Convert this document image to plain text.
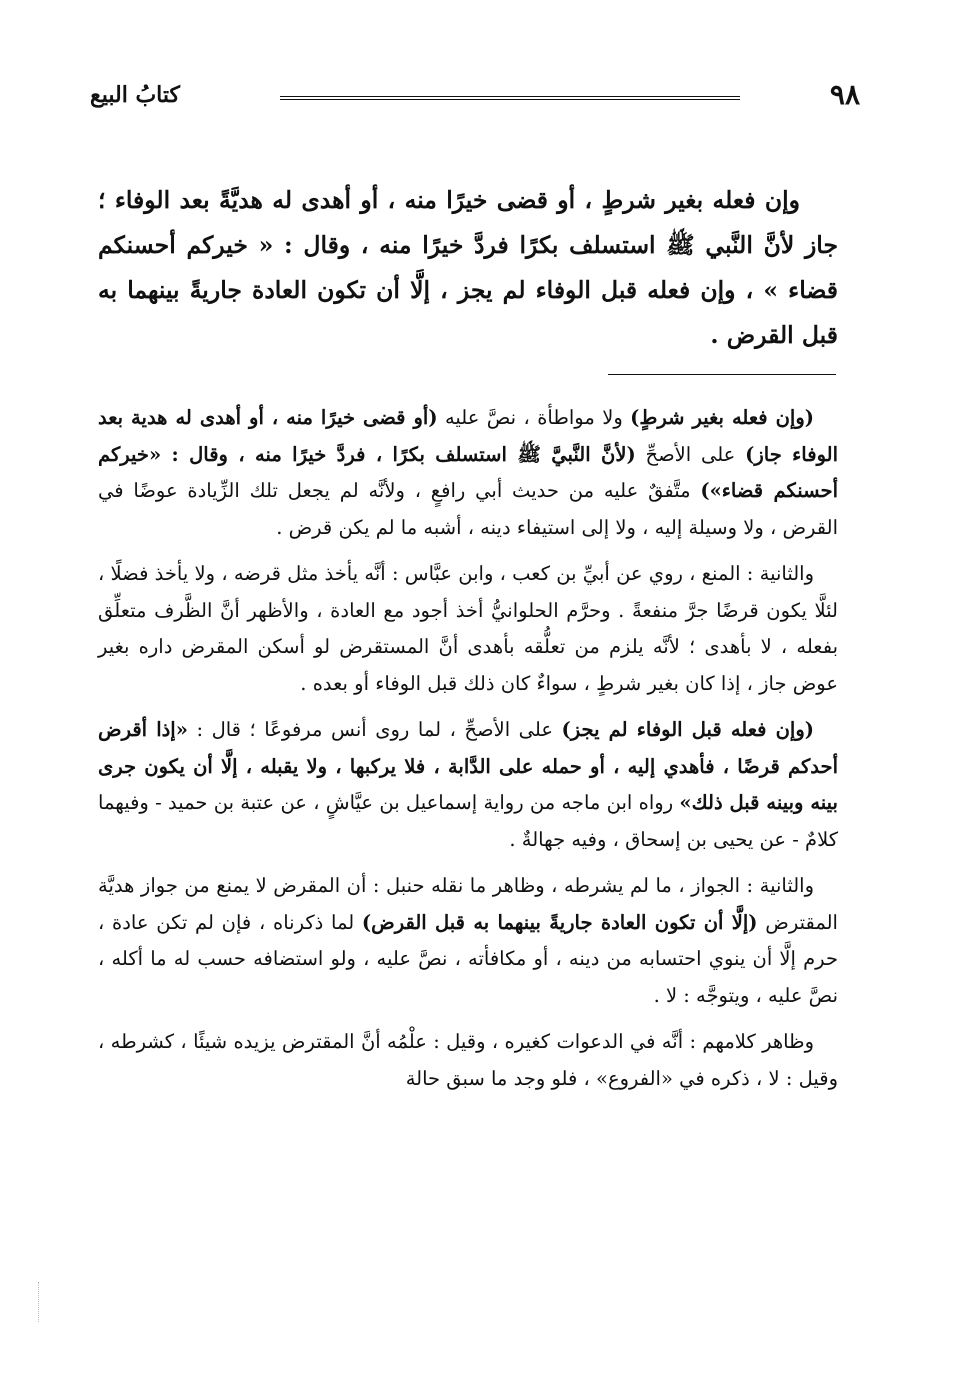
٩٨
كتابُ البيع
وإن فعله بغير شرطٍ ، أو قضى خيرًا منه ، أو أهدى له هديَّةً بعد الوفاء ؛ جاز لأنَّ النَّبي ﷺ استسلف بكرًا فردَّ خيرًا منه ، وقال : « خيركم أحسنكم قضاء » ، وإن فعله قبل الوفاء لم يجز ، إلَّا أن تكون العادة جاريةً بينهما به قبل القرض .

(وإن فعله بغير شرطٍ) ولا مواطأة ، نصَّ عليه (أو قضى خيرًا منه ، أو أهدى له هدية بعد الوفاء جاز) على الأصحِّ (لأنَّ النَّبيَّ ﷺ استسلف بكرًا ، فردَّ خيرًا منه ، وقال : «خيركم أحسنكم قضاء») متَّفقٌ عليه من حديث أبي رافعٍ ، ولأنَّه لم يجعل تلك الزِّيادة عوضًا في القرض ، ولا وسيلة إليه ، ولا إلى استيفاء دينه ، أشبه ما لم يكن قرض .

والثانية : المنع ، روي عن أبيِّ بن كعب ، وابن عبَّاس : أنَّه يأخذ مثل قرضه ، ولا يأخذ فضلًا ، لئلَّا يكون قرضًا جرَّ منفعةً . وحرَّم الحلوانيُّ أخذ أجود مع العادة ، والأظهر أنَّ الظَّرف متعلِّق بفعله ، لا بأهدى ؛ لأنَّه يلزم من تعلُّقه بأهدى أنَّ المستقرض لو أسكن المقرض داره بغير عوض جاز ، إذا كان بغير شرطٍ ، سواءٌ كان ذلك قبل الوفاء أو بعده .

(وإن فعله قبل الوفاء لم يجز) على الأصحِّ ، لما روى أنس مرفوعًا ؛ قال : «إذا أقرض أحدكم قرضًا ، فأهدي إليه ، أو حمله على الدَّابة ، فلا يركبها ، ولا يقبله ، إلَّا أن يكون جرى بينه وبينه قبل ذلك» رواه ابن ماجه من رواية إسماعيل بن عيَّاشٍ ، عن عتبة بن حميد - وفيهما كلامٌ - عن يحيى بن إسحاق ، وفيه جهالةٌ .

والثانية : الجواز ، ما لم يشرطه ، وظاهر ما نقله حنبل : أن المقرض لا يمنع من جواز هديَّة المقترض (إلَّا أن تكون العادة جاريةً بينهما به قبل القرض) لما ذكرناه ، فإن لم تكن عادة ، حرم إلَّا أن ينوي احتسابه من دينه ، أو مكافأته ، نصَّ عليه ، ولو استضافه حسب له ما أكله ، نصَّ عليه ، ويتوجَّه : لا .

وظاهر كلامهم : أنَّه في الدعوات كغيره ، وقيل : علْمُه أنَّ المقترض يزيده شيئًا ، كشرطه ، وقيل : لا ، ذكره في «الفروع» ، فلو وجد ما سبق حالة
